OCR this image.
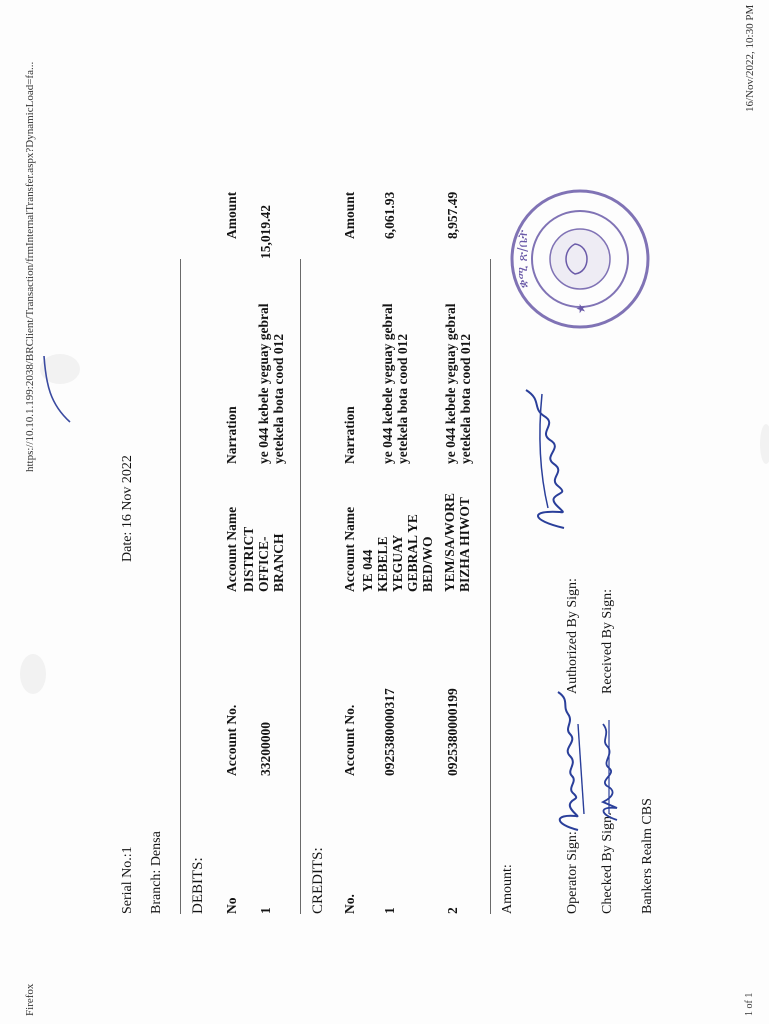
Firefox
https://10.10.1.199:2038/BRClient/Transaction/frmInternalTransfer.aspx?DynamicLoad=fa...
1 of 1
16/Nov/2022, 10:30 PM
Serial No.:1 Branch: Densa
Date: 16 Nov 2022
DEBITS: No
Account No.
Account Name
Narration
Amount
1
33200000
DISTRICT OFFICE-BRANCH
ye 044 kebele yeguay gebral yetekela bota cood 012
15,019.42
CREDITS: No.
Account No.
Account Name
Narration
Amount
1
0925380000317
YE 044 KEBELE YEGUAY GEBRAL YE BED/WO
ye 044 kebele yeguay gebral yetekela bota cood 012
6,061.93
2
0925380000199
YEM/SA/WORE BIZHA HIWOT
ye 044 kebele yeguay gebral yetekela bota cood 012
8,957.49
Amount:	Operator Sign:
Authorized By Sign:
Checked By Sign:
Received By Sign:
Bankers Realm CBS
ቋሚ ጽ/ቤት
★
